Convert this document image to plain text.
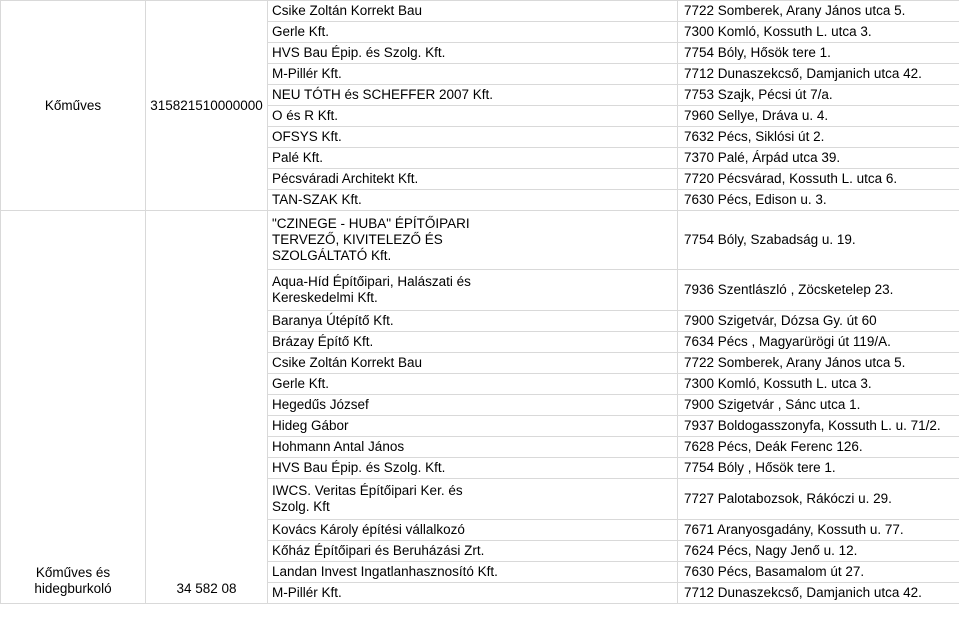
Kőműves	315821510000000	Csike Zoltán Korrekt Bau	7722 Somberek, Arany János utca 5.
		Gerle Kft.	7300 Komló, Kossuth L. utca 3.
		HVS Bau Épip. és Szolg. Kft.	7754 Bóly, Hősök tere 1.
		M-Pillér Kft.	7712 Dunaszekcső, Damjanich utca 42.
		NEU TÓTH és SCHEFFER 2007 Kft.	7753 Szajk, Pécsi út 7/a.
		O és R Kft.	7960 Sellye, Dráva u. 4.
		OFSYS Kft.	7632 Pécs, Siklósi út 2.
		Palé Kft.	7370 Palé, Árpád utca 39.
		Pécsváradi Architekt Kft.	7720 Pécsvárad, Kossuth L. utca 6.
		TAN-SZAK Kft.	7630 Pécs, Edison u. 3.
Kőműves és hidegburkoló	34 582 08	"CZINEGE - HUBA" ÉPÍTŐIPARI TERVEZŐ, KIVITELEZŐ ÉS SZOLGÁLTATÓ Kft.	7754 Bóly, Szabadság u. 19.

		Aqua-Híd Építőipari, Halászati és Kereskedelmi Kft.	7936 Szentlászló , Zöcsketelep 23.
		Baranya Útépítő Kft.	7900 Szigetvár, Dózsa Gy. út 60
		Brázay Építő Kft.	7634 Pécs , Magyarürögi út 119/A.
		Csike Zoltán Korrekt Bau	7722 Somberek, Arany János utca 5.
		Gerle Kft.	7300 Komló, Kossuth L. utca 3.
		Hegedűs József	7900 Szigetvár , Sánc utca 1.
		Hideg Gábor	7937 Boldogasszonyfa, Kossuth L. u. 71/2.
		Hohmann Antal János	7628 Pécs, Deák Ferenc 126.
		HVS Bau Épip. és Szolg. Kft.	7754 Bóly , Hősök tere 1.

		IWCS. Veritas Építőipari Ker. és Szolg. Kft	7727 Palotabozsok, Rákóczi u. 29.
		Kovács Károly építési vállalkozó	7671 Aranyosgadány, Kossuth u. 77.
		Kőház Építőipari és Beruházási Zrt.	7624 Pécs, Nagy Jenő u. 12.
		Landan Invest Ingatlanhasznosító Kft.	7630 Pécs, Basamalom út 27.
		M-Pillér Kft.	7712 Dunaszekcső, Damjanich utca 42.
